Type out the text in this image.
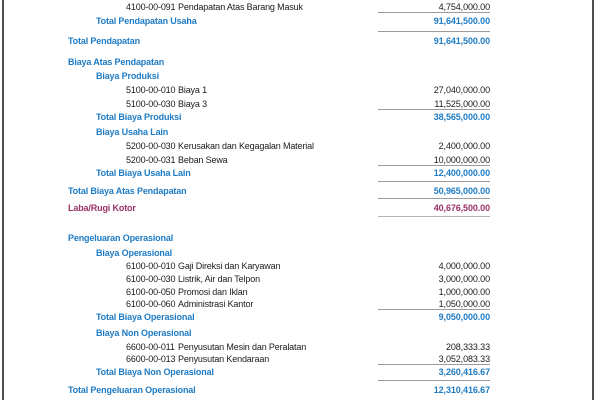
4100-00-091 Pendapatan Atas Barang Masuk	4,754,000.00
Total Pendapatan Usaha	91,641,500.00
Total Pendapatan	91,641,500.00
Biaya Atas Pendapatan
Biaya Produksi
5100-00-010 Biaya 1	27,040,000.00
5100-00-030 Biaya 3	11,525,000.00
Total Biaya Produksi	38,565,000.00
Biaya Usaha Lain
5200-00-030 Kerusakan dan Kegagalan Material	2,400,000.00
5200-00-031 Beban Sewa	10,000,000.00
Total Biaya Usaha Lain	12,400,000.00
Total Biaya Atas Pendapatan	50,965,000.00
Laba/Rugi Kotor	40,676,500.00
Pengeluaran Operasional
Biaya Operasional
6100-00-010 Gaji Direksi dan Karyawan	4,000,000.00
6100-00-030 Listrik, Air dan Telpon	3,000,000.00
6100-00-050 Promosi dan Iklan	1,000,000.00
6100-00-060 Administrasi Kantor	1,050,000.00
Total Biaya Operasional	9,050,000.00
Biaya Non Operasional
6600-00-011 Penyusutan Mesin dan Peralatan	208,333.33
6600-00-013 Penyusutan Kendaraan	3,052,083.33
Total Biaya Non Operasional	3,260,416.67
Total Pengeluaran Operasional	12,310,416.67
